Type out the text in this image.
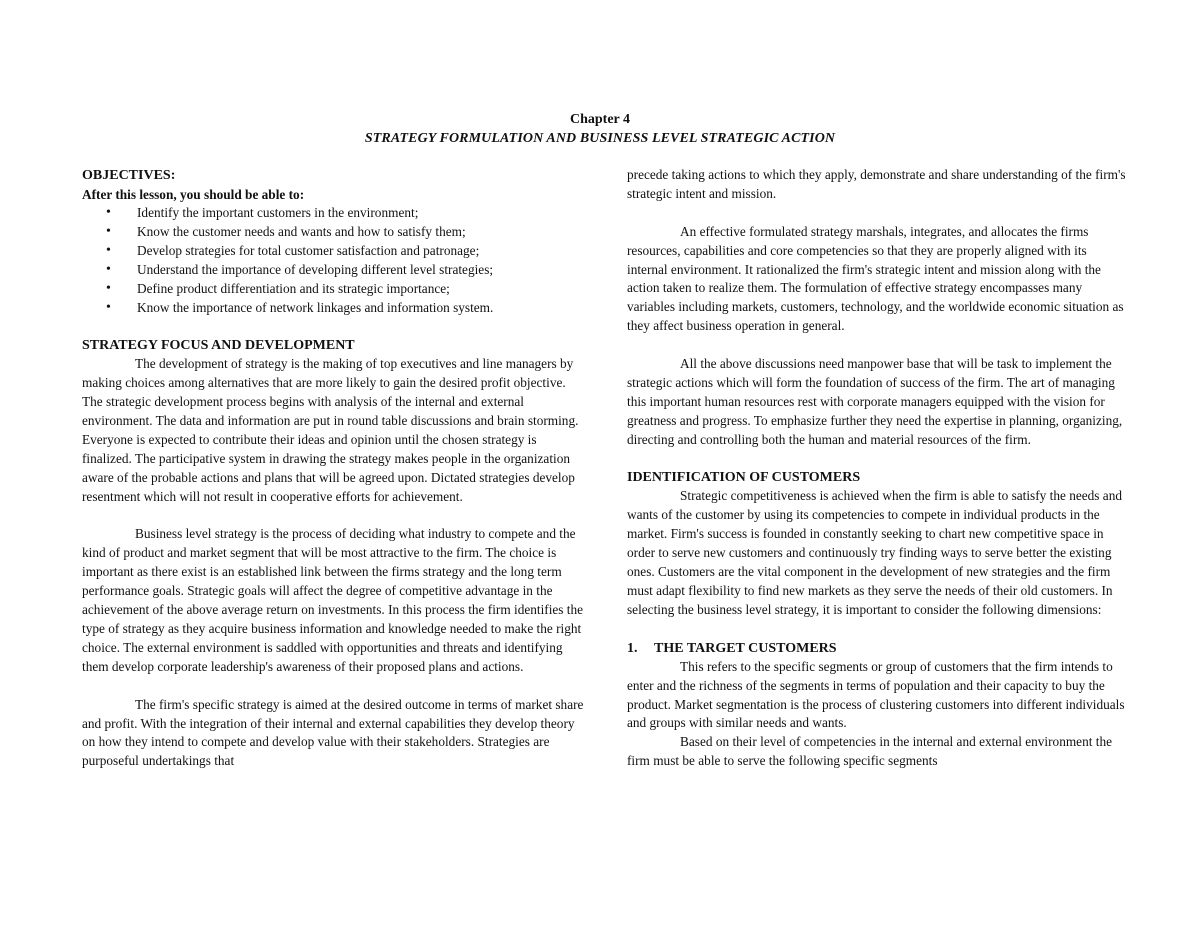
Chapter 4
STRATEGY FORMULATION AND BUSINESS LEVEL STRATEGIC ACTION
OBJECTIVES:
After this lesson, you should be able to:
• Identify the important customers in the environment;
• Know the customer needs and wants and how to satisfy them;
• Develop strategies for total customer satisfaction and patronage;
• Understand the importance of developing different level strategies;
• Define product differentiation and its strategic importance;
• Know the importance of network linkages and information system.
STRATEGY FOCUS AND DEVELOPMENT

The development of strategy is the making of top executives and line managers by making choices among alternatives that are more likely to gain the desired profit objective. The strategic development process begins with analysis of the internal and external environment. The data and information are put in round table discussions and brain storming. Everyone is expected to contribute their ideas and opinion until the chosen strategy is finalized. The participative system in drawing the strategy makes people in the organization aware of the probable actions and plans that will be agreed upon. Dictated strategies develop resentment which will not result in cooperative efforts for achievement.

Business level strategy is the process of deciding what industry to compete and the kind of product and market segment that will be most attractive to the firm. The choice is important as there exist is an established link between the firms strategy and the long term performance goals. Strategic goals will affect the degree of competitive advantage in the achievement of the above average return on investments. In this process the firm identifies the type of strategy as they acquire business information and knowledge needed to make the right choice. The external environment is saddled with opportunities and threats and identifying them develop corporate leadership's awareness of their proposed plans and actions.

The firm's specific strategy is aimed at the desired outcome in terms of market share and profit. With the integration of their internal and external capabilities they develop theory on how they intend to compete and develop value with their stakeholders. Strategies are purposeful undertakings that

precede taking actions to which they apply, demonstrate and share understanding of the firm's strategic intent and mission.

An effective formulated strategy marshals, integrates, and allocates the firms resources, capabilities and core competencies so that they are properly aligned with its internal environment. It rationalized the firm's strategic intent and mission along with the action taken to realize them. The formulation of effective strategy encompasses many variables including markets, customers, technology, and the worldwide economic situation as they affect business operation in general.

All the above discussions need manpower base that will be task to implement the strategic actions which will form the foundation of success of the firm. The art of managing this important human resources rest with corporate managers equipped with the vision for greatness and progress. To emphasize further they need the expertise in planning, organizing, directing and controlling both the human and material resources of the firm.

IDENTIFICATION OF CUSTOMERS

Strategic competitiveness is achieved when the firm is able to satisfy the needs and wants of the customer by using its competencies to compete in individual products in the market. Firm's success is founded in constantly seeking to chart new competitive space in order to serve new customers and continuously try finding ways to serve better the existing ones. Customers are the vital component in the development of new strategies and the firm must adapt flexibility to find new markets as they serve the needs of their old customers. In selecting the business level strategy, it is important to consider the following dimensions:

1.	THE TARGET CUSTOMERS

This refers to the specific segments or group of customers that the firm intends to enter and the richness of the segments in terms of population and their capacity to buy the product. Market segmentation is the process of clustering customers into different individuals and groups with similar needs and wants.

Based on their level of competencies in the internal and external environment the firm must be able to serve the following specific segments
